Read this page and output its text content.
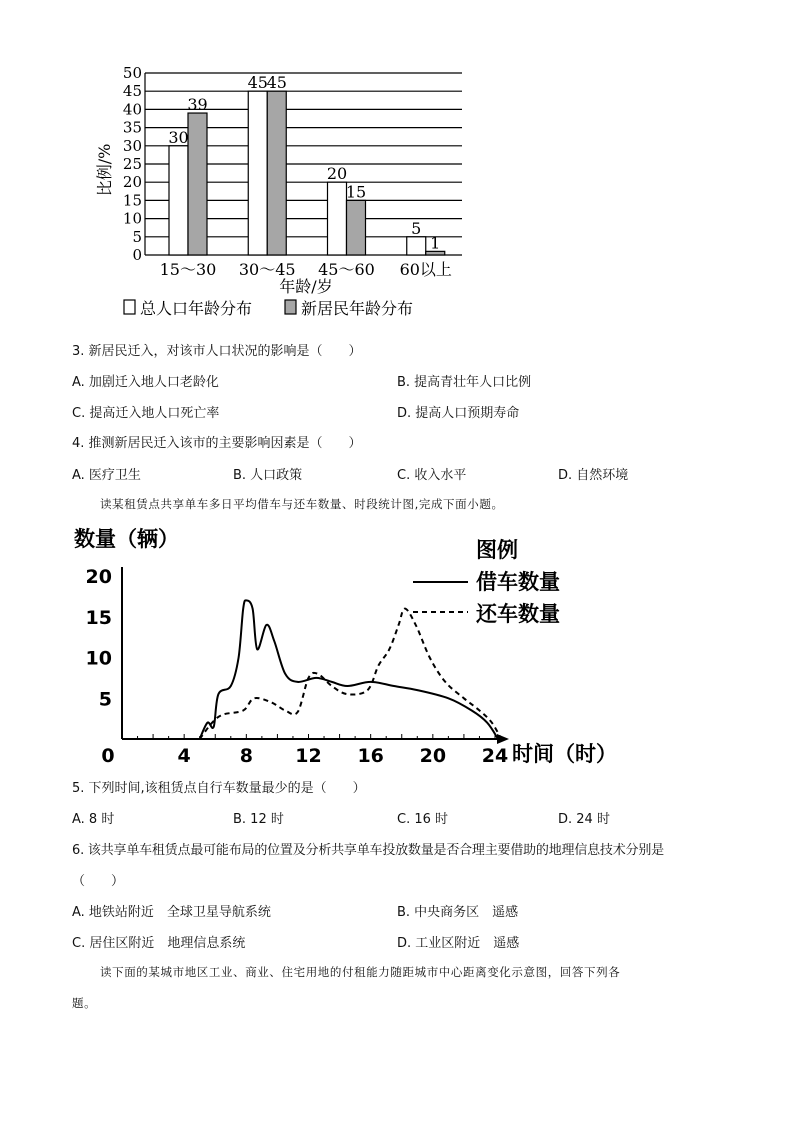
比例/%
0
5
10
15
20
25
30
35
40
45
50
30
39
15～30
45
45
30～45
20
15
45～60
5
1
60以上
年龄/岁
总人口年龄分布	新居民年龄分布
3. 新居民迁入，对该市人口状况的影响是（　　）
A. 加剧迁入地人口老龄化	B. 提高青壮年人口比例
C. 提高迁入地人口死亡率	D. 提高人口预期寿命
4. 推测新居民迁入该市的主要影响因素是（　　）
A. 医疗卫生	B. 人口政策	C. 收入水平	D. 自然环境
读某租赁点共享单车多日平均借车与还车数量、时段统计图,完成下面小题。
数量（辆）
0	4	8 12 16 20 24
5
10
15
20
时间（时）
图例
借车数量
还车数量
5. 下列时间,该租赁点自行车数量最少的是（　　）
A. 8 时	B. 12 时	C. 16 时	D. 24 时
6. 该共享单车租赁点最可能布局的位置及分析共享单车投放数量是否合理主要借助的地理信息技术分别是
（　　）
A. 地铁站附近　全球卫星导航系统	B. 中央商务区　遥感
C. 居住区附近　地理信息系统	D. 工业区附近　遥感
读下面的某城市地区工业、商业、住宅用地的付租能力随距城市中心距离变化示意图，回答下列各
题。
